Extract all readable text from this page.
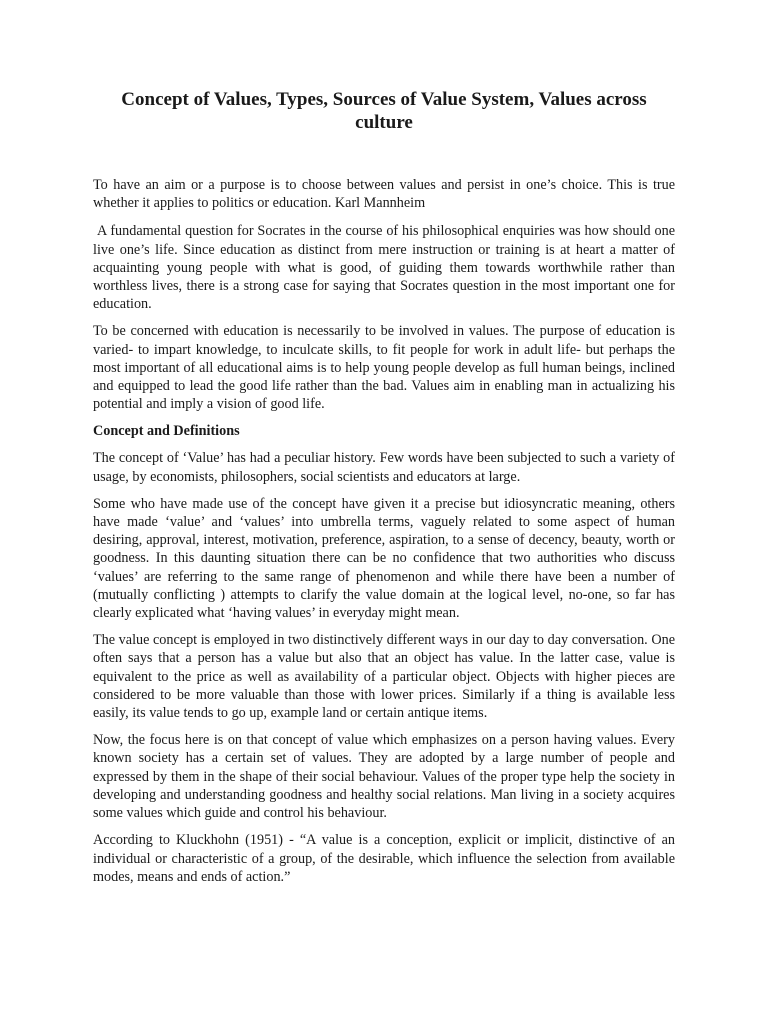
Concept of Values, Types, Sources of Value System, Values across culture

To have an aim or a purpose is to choose between values and persist in one’s choice. This is true whether it applies to politics or education. Karl Mannheim

A fundamental question for Socrates in the course of his philosophical enquiries was how should one live one’s life. Since education as distinct from mere instruction or training is at heart a matter of acquainting young people with what is good, of guiding them towards worthwhile rather than worthless lives, there is a strong case for saying that Socrates question in the most important one for education.

To be concerned with education is necessarily to be involved in values. The purpose of education is varied- to impart knowledge, to inculcate skills, to fit people for work in adult life- but perhaps the most important of all educational aims is to help young people develop as full human beings, inclined and equipped to lead the good life rather than the bad. Values aim in enabling man in actualizing his potential and imply a vision of good life.

Concept and Definitions

The concept of ‘Value’ has had a peculiar history. Few words have been subjected to such a variety of usage, by economists, philosophers, social scientists and educators at large.

Some who have made use of the concept have given it a precise but idiosyncratic meaning, others have made ‘value’ and ‘values’ into umbrella terms, vaguely related to some aspect of human desiring, approval, interest, motivation, preference, aspiration, to a sense of decency, beauty, worth or goodness. In this daunting situation there can be no confidence that two authorities who discuss ‘values’ are referring to the same range of phenomenon and while there have been a number of (mutually conflicting ) attempts to clarify the value domain at the logical level, no-one, so far has clearly explicated what ‘having values’ in everyday might mean.

The value concept is employed in two distinctively different ways in our day to day conversation. One often says that a person has a value but also that an object has value. In the latter case, value is equivalent to the price as well as availability of a particular object. Objects with higher pieces are considered to be more valuable than those with lower prices. Similarly if a thing is available less easily, its value tends to go up, example land or certain antique items.

Now, the focus here is on that concept of value which emphasizes on a person having values. Every known society has a certain set of values. They are adopted by a large number of people and expressed by them in the shape of their social behaviour. Values of the proper type help the society in developing and understanding goodness and healthy social relations. Man living in a society acquires some values which guide and control his behaviour.

According to Kluckhohn (1951) - “A value is a conception, explicit or implicit, distinctive of an individual or characteristic of a group, of the desirable, which influence the selection from available modes, means and ends of action.”
